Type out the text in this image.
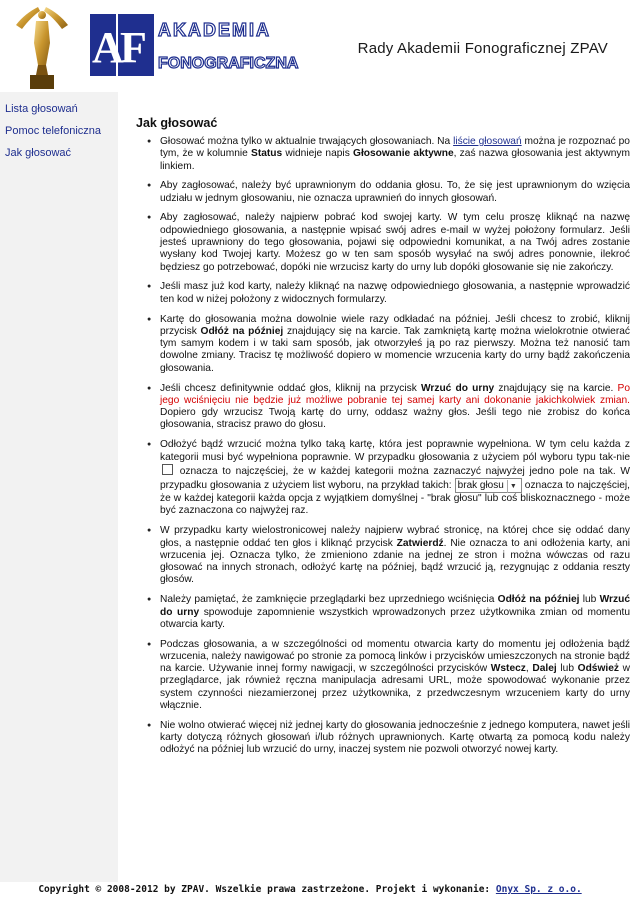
A
F AKADEMIA
FONOGRAFICZNA
Rady Akademii Fonograficznej ZPAV
Lista głosowań
Pomoc telefoniczna
Jak głosować
Jak głosować
● Głosować można tylko w aktualnie trwających głosowaniach. Na liście głosowań można je rozpoznać po tym, że w kolumnie Status widnieje napis Głosowanie aktywne, zaś nazwa głosowania jest aktywnym linkiem.
● Aby zagłosować, należy być uprawnionym do oddania głosu. To, że się jest uprawnionym do wzięcia udziału w jednym głosowaniu, nie oznacza uprawnień do innych głosowań.
● Aby zagłosować, należy najpierw pobrać kod swojej karty. W tym celu proszę kliknąć na nazwę odpowiedniego głosowania, a następnie wpisać swój adres e-mail w wyżej położony formularz. Jeśli jesteś uprawniony do tego głosowania, pojawi się odpowiedni komunikat, a na Twój adres zostanie wysłany kod Twojej karty. Możesz go w ten sam sposób wysyłać na swój adres ponownie, ilekroć będziesz go potrzebować, dopóki nie wrzucisz karty do urny lub dopóki głosowanie się nie zakończy.
● Jeśli masz już kod karty, należy kliknąć na nazwę odpowiedniego głosowania, a następnie wprowadzić ten kod w niżej położony z widocznych formularzy.
● Kartę do głosowania można dowolnie wiele razy odkładać na później. Jeśli chcesz to zrobić, kliknij przycisk Odłóż na później znajdujący się na karcie. Tak zamkniętą kartę można wielokrotnie otwierać tym samym kodem i w taki sam sposób, jak otworzyłeś ją po raz pierwszy. Można też nanosić tam dowolne zmiany. Tracisz tę możliwość dopiero w momencie wrzucenia karty do urny bądź zakończenia głosowania.
● Jeśli chcesz definitywnie oddać głos, kliknij na przycisk Wrzuć do urny znajdujący się na karcie. Po jego wciśnięciu nie będzie już możliwe pobranie tej samej karty ani dokonanie jakichkolwiek zmian. Dopiero gdy wrzucisz Twoją kartę do urny, oddasz ważny głos. Jeśli tego nie zrobisz do końca głosowania, stracisz prawo do głosu.
● Odłożyć bądź wrzucić można tylko taką kartę, która jest poprawnie wypełniona. W tym celu każda z kategorii musi być wypełniona poprawnie. W przypadku głosowania z użyciem pól wyboru typu tak-nie  oznacza to najczęściej, że w każdej kategorii można zaznaczyć najwyżej jedno pole na tak. W przypadku głosowania z użyciem list wyboru, na przykład takich: brak głosu ▼ oznacza to najczęściej, że w każdej kategorii każda opcja z wyjątkiem domyślnej - "brak głosu" lub coś bliskoznacznego - może być zaznaczona co najwyżej raz.
● W przypadku karty wielostronicowej należy najpierw wybrać stronicę, na której chce się oddać dany głos, a następnie oddać ten głos i kliknąć przycisk Zatwierdź. Nie oznacza to ani odłożenia karty, ani wrzucenia jej. Oznacza tylko, że zmieniono zdanie na jednej ze stron i można wówczas od razu głosować na innych stronach, odłożyć kartę na później, bądź wrzucić ją, rezygnując z oddania reszty głosów.
● Należy pamiętać, że zamknięcie przeglądarki bez uprzedniego wciśnięcia Odłóż na później lub Wrzuć do urny spowoduje zapomnienie wszystkich wprowadzonych przez użytkownika zmian od momentu otwarcia karty.
● Podczas głosowania, a w szczególności od momentu otwarcia karty do momentu jej odłożenia bądź wrzucenia, należy nawigować po stronie za pomocą linków i przycisków umieszczonych na stronie bądź na karcie. Używanie innej formy nawigacji, w szczególności przycisków Wstecz, Dalej lub Odśwież w przeglądarce, jak również ręczna manipulacja adresami URL, może spowodować wykonanie przez system czynności niezamierzonej przez użytkownika, z przedwczesnym wrzuceniem karty do urny włącznie.
● Nie wolno otwierać więcej niż jednej karty do głosowania jednocześnie z jednego komputera, nawet jeśli karty dotyczą różnych głosowań i/lub różnych uprawnionych. Kartę otwartą za pomocą kodu należy odłożyć na później lub wrzucić do urny, inaczej system nie pozwoli otworzyć nowej karty.
Copyright © 2008-2012 by ZPAV. Wszelkie prawa zastrzeżone. Projekt i wykonanie: Onyx Sp. z o.o.
